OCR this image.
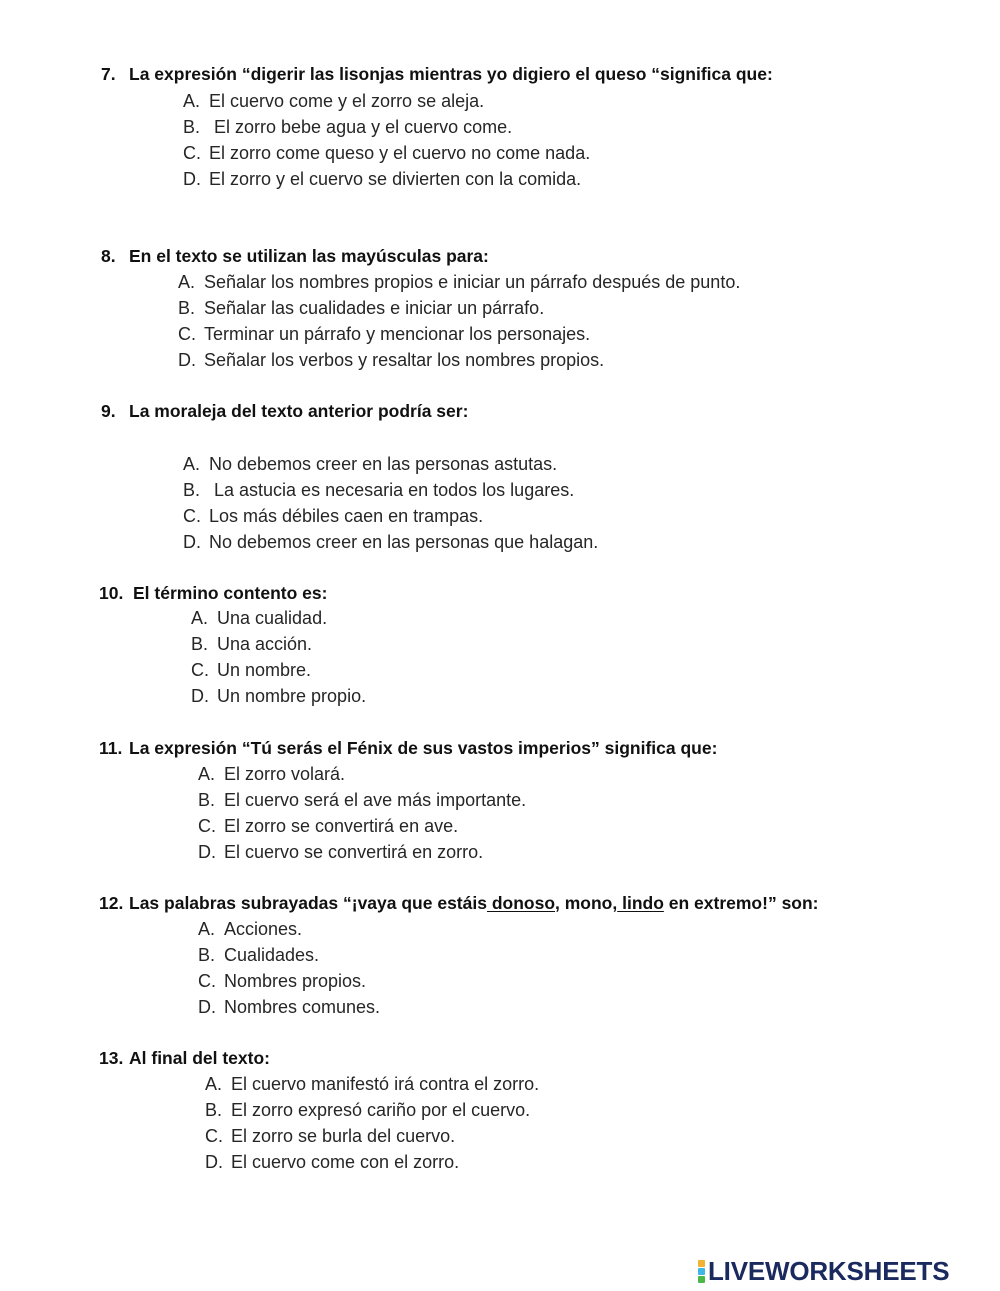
7. La expresión “digerir las lisonjas mientras yo digiero el queso “significa que:
A. El cuervo come y el zorro se aleja.
B. El zorro bebe agua y el cuervo come.
C. El zorro come queso y el cuervo no come nada.
D. El zorro y el cuervo se divierten con la comida.
8. En el texto se utilizan las mayúsculas para:
A. Señalar los nombres propios e iniciar un párrafo después de punto.
B. Señalar las cualidades e iniciar un párrafo.
C. Terminar un párrafo y mencionar los personajes.
D. Señalar los verbos y resaltar los nombres propios.
9. La moraleja del texto anterior podría ser:
A. No debemos creer en las personas astutas.
B. La astucia es necesaria en todos los lugares.
C. Los más débiles caen en trampas.
D. No debemos creer en las personas que halagan.
10. El término contento es:
A. Una cualidad.
B. Una acción.
C. Un nombre.
D. Un nombre propio.
11. La expresión “Tú serás el Fénix de sus vastos imperios” significa que:
A. El zorro volará.
B. El cuervo será el ave más importante.
C. El zorro se convertirá en ave.
D. El cuervo se convertirá en zorro.
12. Las palabras subrayadas “¡vaya que estáis donoso, mono, lindo en extremo!” son:
A. Acciones.
B. Cualidades.
C. Nombres propios.
D. Nombres comunes.
13. Al final del texto:
A. El cuervo manifestó irá contra el zorro.
B. El zorro expresó cariño por el cuervo.
C. El zorro se burla del cuervo.
D. El cuervo come con el zorro.
LIVEWORKSHEETS
